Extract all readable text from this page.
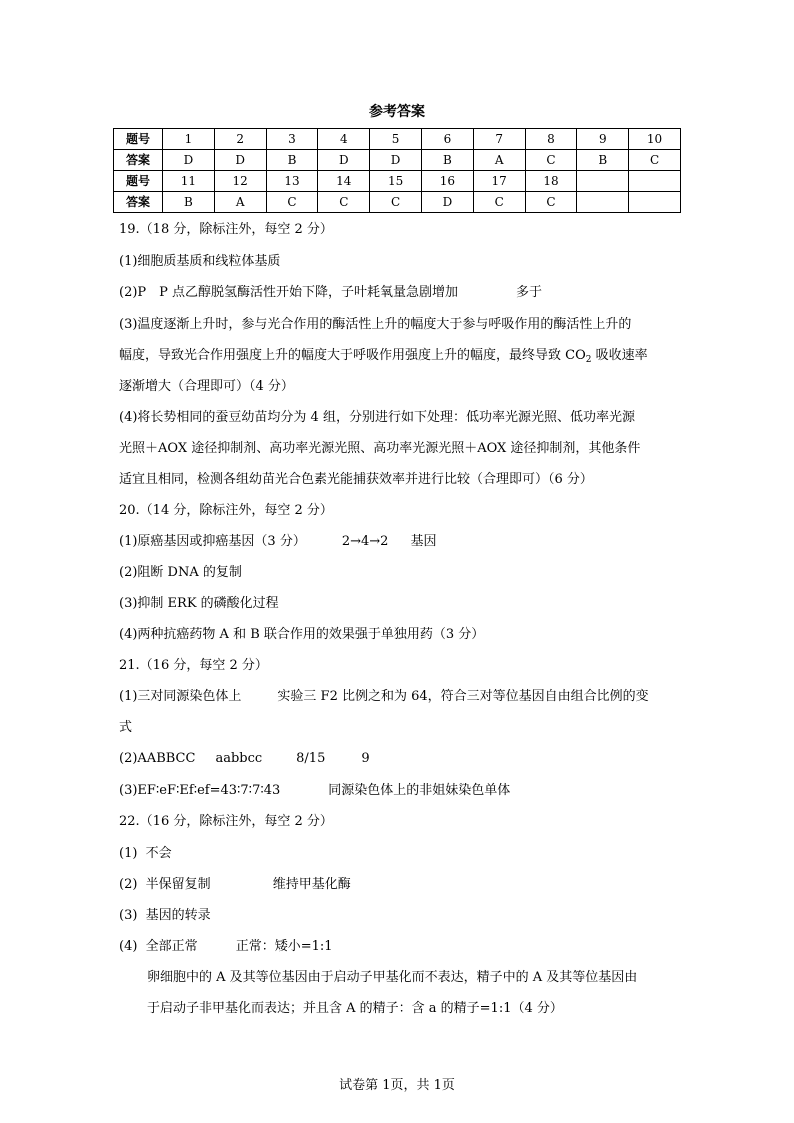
参考答案
题号	1	2	3	4	5	6	7	8	9	10
答案	D	D	B	D	D	B	A	C	B	C
题号	11	12	13	14	15	16	17	18		
答案	B	A	C	C	C	D	C	C		
19.（18 分，除标注外，每空 2 分）
(1)细胞质基质和线粒体基质
(2)P　P 点乙醇脱氢酶活性开始下降，子叶耗氧量急剧增加	多于
(3)温度逐渐上升时，参与光合作用的酶活性上升的幅度大于参与呼吸作用的酶活性上升的
幅度，导致光合作用强度上升的幅度大于呼吸作用强度上升的幅度，最终导致 $CO_2$ 吸收速率
逐渐增大（合理即可）（4 分）
(4)将长势相同的蚕豆幼苗均分为 4 组，分别进行如下处理：低功率光源光照、低功率光源
光照＋AOX 途径抑制剂、高功率光源光照、高功率光源光照＋AOX 途径抑制剂，其他条件
适宜且相同，检测各组幼苗光合色素光能捕获效率并进行比较（合理即可）（6 分）
20.（14 分，除标注外，每空 2 分）
(1)原癌基因或抑癌基因（3 分）	2→4→2 基因
(2)阻断 DNA 的复制
(3)抑制 ERK 的磷酸化过程
(4)两种抗癌药物 A 和 B 联合作用的效果强于单独用药（3 分）
21.（16 分，每空 2 分）
(1)三对同源染色体上	实验三 F2 比例之和为 64，符合三对等位基因自由组合比例的变
式
(2)AABBCC aabbcc	8/15	9
(3)EF∶eF∶Ef∶ef=43∶7∶7∶43	同源染色体上的非姐妹染色单体
22.（16 分，除标注外，每空 2 分）
(1)  不会
(2)  半保留复制	维持甲基化酶
(3)  基因的转录
(4)  全部正常	正常：矮小=1:1
卵细胞中的 A 及其等位基因由于启动子甲基化而不表达，精子中的 A 及其等位基因由
于启动子非甲基化而表达；并且含 A 的精子：含 a 的精子=1:1（4 分）
试卷第 1页，共 1页
